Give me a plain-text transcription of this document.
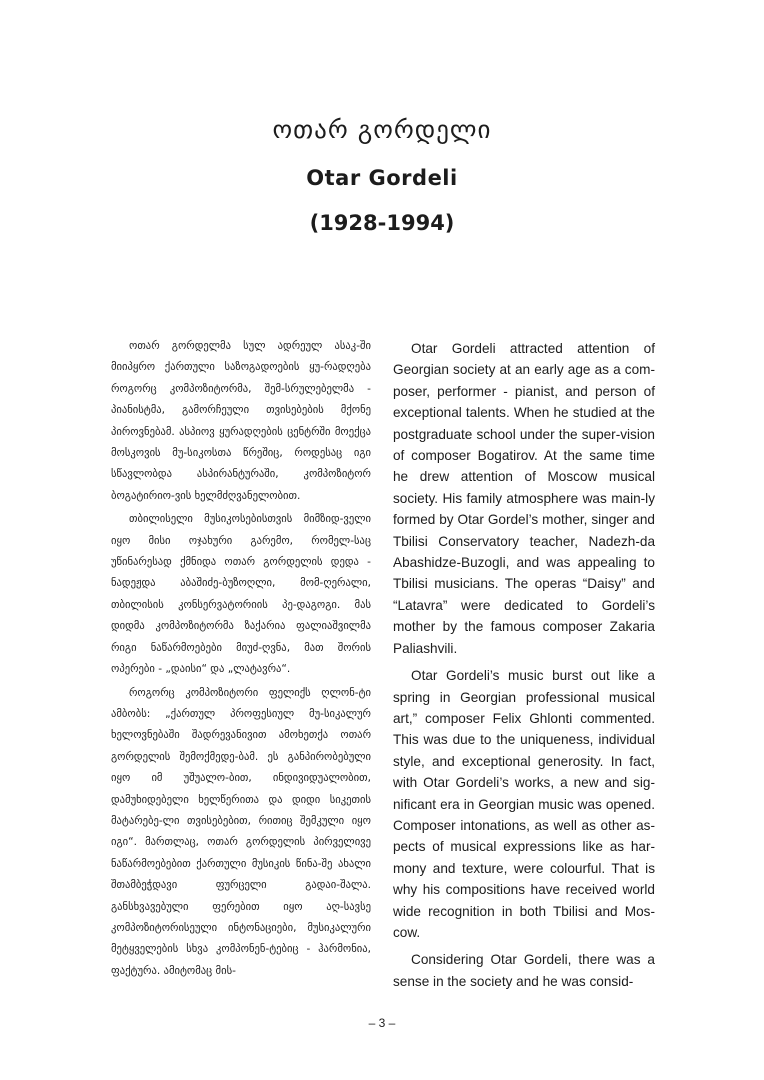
ოთარ გორდელი
Otar Gordeli
(1928-1994)

ოთარ გორდელმა სულ ადრეულ ასაკ-ში მიიპყრო ქართული საზოგადოების ყუ-რადღება როგორც კომპოზიტორმა, შემ-სრულებელმა - პიანისტმა, გამორჩეული თვისებების მქონე პიროვნებამ. ასპიოვ ყურადღების ცენტრში მოექცა მოსკოვის მუ-სიკოსთა წრეშიც, როდესაც იგი სწავლობდა ასპირანტურაში, კომპოზიტორ ბოგატირიო-ვის ხელმძღვანელობით.

თბილისელი მუსიკოსებისთვის მიმზიდ-ველი იყო მისი ოჯახური გარემო, რომელ-საც უწინარესად ქმნიდა ოთარ გორდელის დედა - ნადეჟდა აბაშიძე-ბუზოღლი, მომ-ღერალი, თბილისის კონსერვატორიის პე-დაგოგი. მას დიდმა კომპოზიტორმა ზაქარია ფალიაშვილმა რიგი ნაწარმოებები მიუძ-ღვნა, მათ შორის ოპერები - „დაისი“ და „ლატავრა“.

როგორც კომპოზიტორი ფელიქს ღლონ-ტი ამბობს: „ქართულ პროფესიულ მუ-სიკალურ ხელოვნებაში შადრევანივით ამოხეთქა ოთარ გორდელის შემოქმედე-ბამ. ეს განპირობებული იყო იმ უშუალო-ბით, ინდივიდუალობით, დამუხიდებელი ხელწერითა და დიდი სიკეთის მატარებე-ლი თვისებებით, რითიც შემკული იყო იგი“. მართლაც, ოთარ გორდელის პირველივე ნაწარმოებებით ქართული მუსიკის წინა-შე ახალი შთამბეჭდავი ფურცელი გადაი-შალა. განსხვავებული ფერებით იყო აღ-სავსე კომპოზიტორისეული ინტონაციები, მუსიკალური მეტყველების სხვა კომპონენ-ტებიც - ჰარმონია, ფაქტურა. ამიტომაც მის-

Otar Gordeli attracted attention of Georgian society at an early age as a com-poser, performer - pianist, and person of exceptional talents. When he studied at the postgraduate school under the super-vision of composer Bogatirov. At the same time he drew attention of Moscow musical society. His family atmosphere was main-ly formed by Otar Gordel’s mother, singer and Tbilisi Conservatory teacher, Nadezh-da Abashidze-Buzogli, and was appealing to Tbilisi musicians. The operas “Daisy” and “Latavra” were dedicated to Gordeli’s mother by the famous composer Zakaria Paliashvili.

Otar Gordeli’s music burst out like a spring in Georgian professional musical art,” composer Felix Ghlonti commented. This was due to the uniqueness, individual style, and exceptional generosity. In fact, with Otar Gordeli’s works, a new and sig-nificant era in Georgian music was opened. Composer intonations, as well as other as-pects of musical expressions like as har-mony and texture, were colourful. That is why his compositions have received world wide recognition in both Tbilisi and Mos-cow.

Considering Otar Gordeli, there was a sense in the society and he was consid-

– 3 –
